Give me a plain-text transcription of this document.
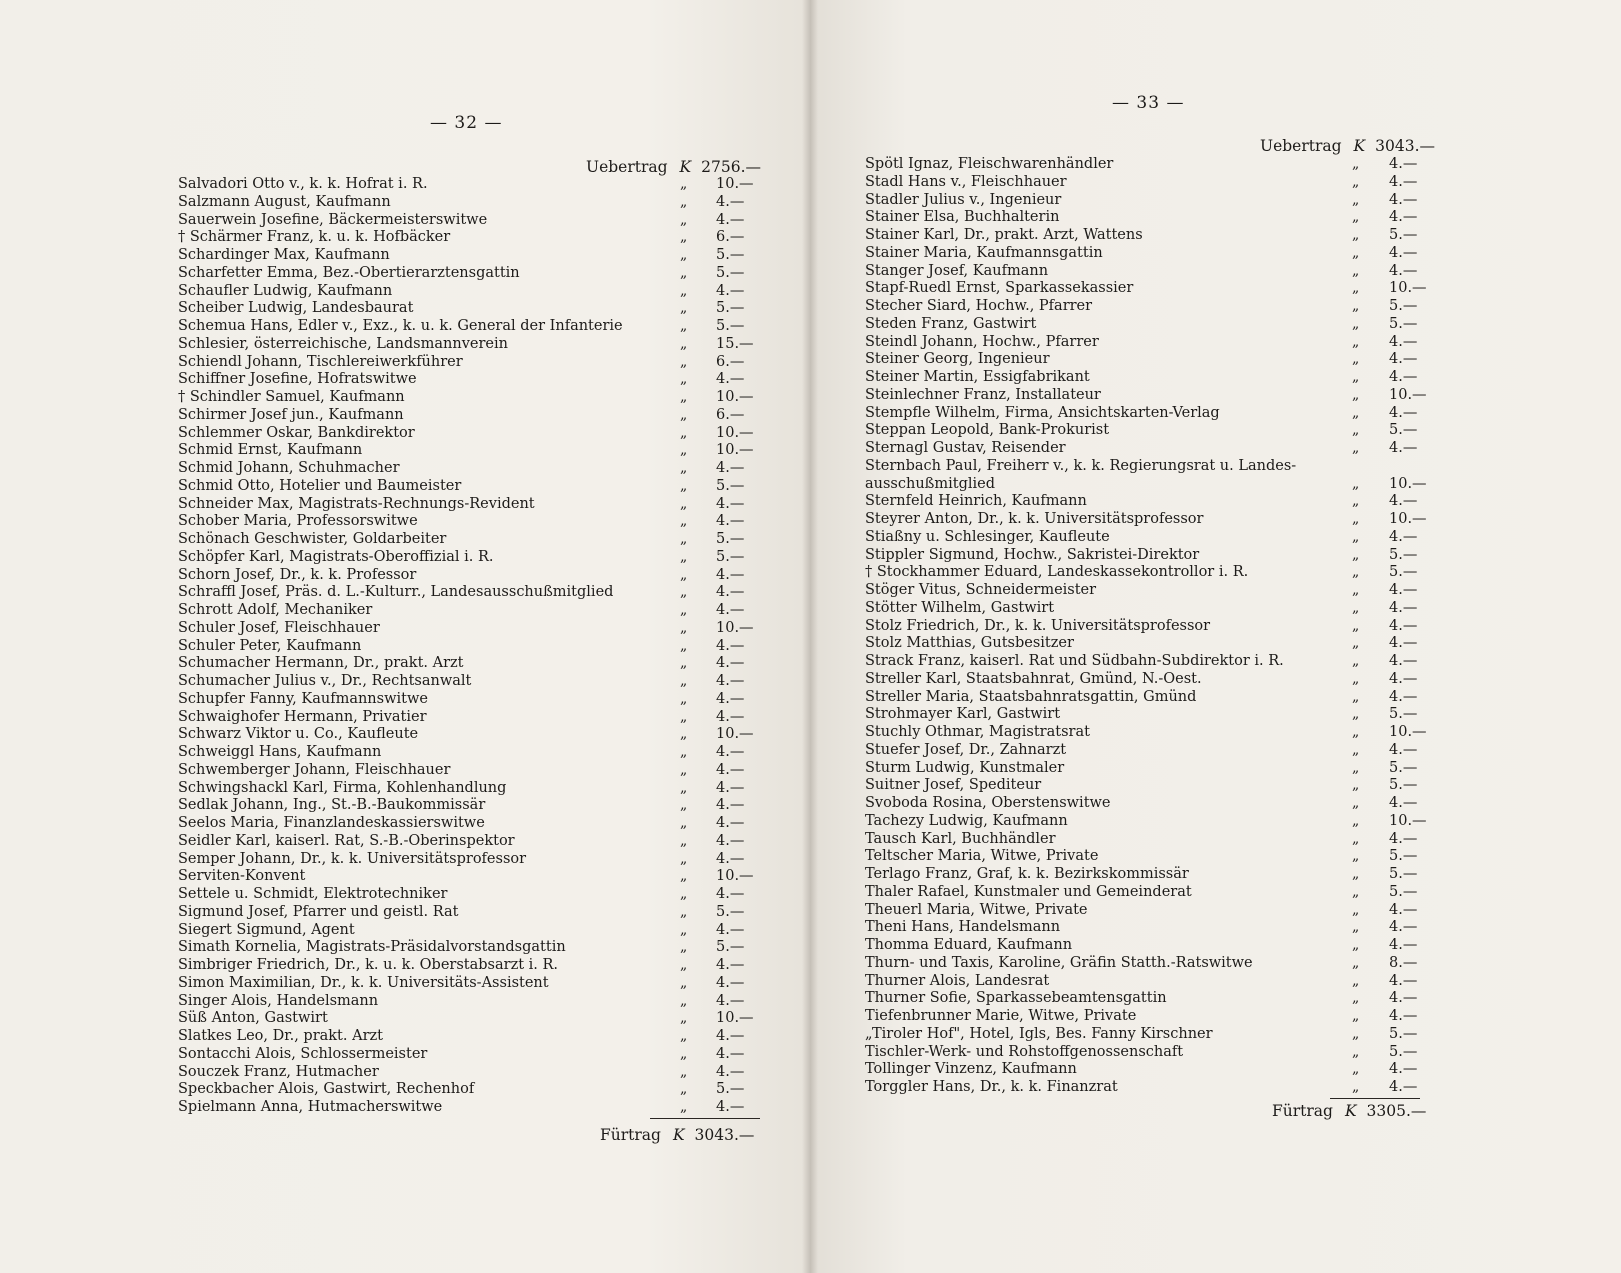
— 32 —
Uebertrag K 2756.—
Salvadori Otto v., k. k. Hofrat i. R.	„ 10.—
Salzmann August, Kaufmann	„ 4.—
Sauerwein Josefine, Bäckermeisterswitwe	„ 4.—
† Schärmer Franz, k. u. k. Hofbäcker	„ 6.—
Schardinger Max, Kaufmann	„ 5.—
Scharfetter Emma, Bez.-Obertierarztensgattin	„ 5.—
Schaufler Ludwig, Kaufmann	„ 4.—
Scheiber Ludwig, Landesbaurat	„ 5.—
Schemua Hans, Edler v., Exz., k. u. k. General der Infanterie	„ 5.—
Schlesier, österreichische, Landsmannverein	„ 15.—
Schiendl Johann, Tischlereiwerkführer	„ 6.—
Schiffner Josefine, Hofratswitwe	„ 4.—
† Schindler Samuel, Kaufmann	„ 10.—
Schirmer Josef jun., Kaufmann	„ 6.—
Schlemmer Oskar, Bankdirektor	„ 10.—
Schmid Ernst, Kaufmann	„ 10.—
Schmid Johann, Schuhmacher	„ 4.—
Schmid Otto, Hotelier und Baumeister	„ 5.—
Schneider Max, Magistrats-Rechnungs-Revident	„ 4.—
Schober Maria, Professorswitwe	„ 4.—
Schönach Geschwister, Goldarbeiter	„ 5.—
Schöpfer Karl, Magistrats-Oberoffizial i. R.	„ 5.—
Schorn Josef, Dr., k. k. Professor	„ 4.—
Schraffl Josef, Präs. d. L.-Kulturr., Landesausschußmitglied	„ 4.—
Schrott Adolf, Mechaniker	„ 4.—
Schuler Josef, Fleischhauer	„ 10.—
Schuler Peter, Kaufmann	„ 4.—
Schumacher Hermann, Dr., prakt. Arzt	„ 4.—
Schumacher Julius v., Dr., Rechtsanwalt	„ 4.—
Schupfer Fanny, Kaufmannswitwe	„ 4.—
Schwaighofer Hermann, Privatier	„ 4.—
Schwarz Viktor u. Co., Kaufleute	„ 10.—
Schweiggl Hans, Kaufmann	„ 4.—
Schwemberger Johann, Fleischhauer	„ 4.—
Schwingshackl Karl, Firma, Kohlenhandlung	„ 4.—
Sedlak Johann, Ing., St.-B.-Baukommissär	„ 4.—
Seelos Maria, Finanzlandeskassierswitwe	„ 4.—
Seidler Karl, kaiserl. Rat, S.-B.-Oberinspektor	„ 4.—
Semper Johann, Dr., k. k. Universitätsprofessor	„ 4.—
Serviten-Konvent	„ 10.—
Settele u. Schmidt, Elektrotechniker	„ 4.—
Sigmund Josef, Pfarrer und geistl. Rat	„ 5.—
Siegert Sigmund, Agent	„ 4.—
Simath Kornelia, Magistrats-Präsidalvorstandsgattin	„ 5.—
Simbriger Friedrich, Dr., k. u. k. Oberstabsarzt i. R.	„ 4.—
Simon Maximilian, Dr., k. k. Universitäts-Assistent	„ 4.—
Singer Alois, Handelsmann	„ 4.—
Süß Anton, Gastwirt	„ 10.—
Slatkes Leo, Dr., prakt. Arzt	„ 4.—
Sontacchi Alois, Schlossermeister	„ 4.—
Souczek Franz, Hutmacher	„ 4.—
Speckbacher Alois, Gastwirt, Rechenhof	„ 5.—
Spielmann Anna, Hutmacherswitwe	„ 4.—
Fürtrag K 3043.—
— 33 —
Uebertrag K 3043.—
Spötl Ignaz, Fleischwarenhändler	„ 4.—
Stadl Hans v., Fleischhauer	„ 4.—
Stadler Julius v., Ingenieur	„ 4.—
Stainer Elsa, Buchhalterin	„ 4.—
Stainer Karl, Dr., prakt. Arzt, Wattens	„ 5.—
Stainer Maria, Kaufmannsgattin	„ 4.—
Stanger Josef, Kaufmann	„ 4.—
Stapf-Ruedl Ernst, Sparkassekassier	„ 10.—
Stecher Siard, Hochw., Pfarrer	„ 5.—
Steden Franz, Gastwirt	„ 5.—
Steindl Johann, Hochw., Pfarrer	„ 4.—
Steiner Georg, Ingenieur	„ 4.—
Steiner Martin, Essigfabrikant	„ 4.—
Steinlechner Franz, Installateur	„ 10.—
Stempfle Wilhelm, Firma, Ansichtskarten-Verlag	„ 4.—
Steppan Leopold, Bank-Prokurist	„ 5.—
Sternagl Gustav, Reisender	„ 4.—
Sternbach Paul, Freiherr v., k. k. Regierungsrat u. Landes-
ausschußmitglied	„ 10.—
Sternfeld Heinrich, Kaufmann	„ 4.—
Steyrer Anton, Dr., k. k. Universitätsprofessor	„ 10.—
Stiaßny u. Schlesinger, Kaufleute	„ 4.—
Stippler Sigmund, Hochw., Sakristei-Direktor	„ 5.—
† Stockhammer Eduard, Landeskassekontrollor i. R.	„ 5.—
Stöger Vitus, Schneidermeister	„ 4.—
Stötter Wilhelm, Gastwirt	„ 4.—
Stolz Friedrich, Dr., k. k. Universitätsprofessor	„ 4.—
Stolz Matthias, Gutsbesitzer	„ 4.—
Strack Franz, kaiserl. Rat und Südbahn-Subdirektor i. R.	„ 4.—
Streller Karl, Staatsbahnrat, Gmünd, N.-Oest.	„ 4.—
Streller Maria, Staatsbahnratsgattin, Gmünd	„ 4.—
Strohmayer Karl, Gastwirt	„ 5.—
Stuchly Othmar, Magistratsrat	„ 10.—
Stuefer Josef, Dr., Zahnarzt	„ 4.—
Sturm Ludwig, Kunstmaler	„ 5.—
Suitner Josef, Spediteur	„ 5.—
Svoboda Rosina, Oberstenswitwe	„ 4.—
Tachezy Ludwig, Kaufmann	„ 10.—
Tausch Karl, Buchhändler	„ 4.—
Teltscher Maria, Witwe, Private	„ 5.—
Terlago Franz, Graf, k. k. Bezirkskommissär	„ 5.—
Thaler Rafael, Kunstmaler und Gemeinderat	„ 5.—
Theuerl Maria, Witwe, Private	„ 4.—
Theni Hans, Handelsmann	„ 4.—
Thomma Eduard, Kaufmann	„ 4.—
Thurn- und Taxis, Karoline, Gräfin Statth.-Ratswitwe	„ 8.—
Thurner Alois, Landesrat	„ 4.—
Thurner Sofie, Sparkassebeamtensgattin	„ 4.—
Tiefenbrunner Marie, Witwe, Private	„ 4.—
„Tiroler Hof", Hotel, Igls, Bes. Fanny Kirschner	„ 5.—
Tischler-Werk- und Rohstoffgenossenschaft	„ 5.—
Tollinger Vinzenz, Kaufmann	„ 4.—
Torggler Hans, Dr., k. k. Finanzrat	„ 4.—
Fürtrag K 3305.—
